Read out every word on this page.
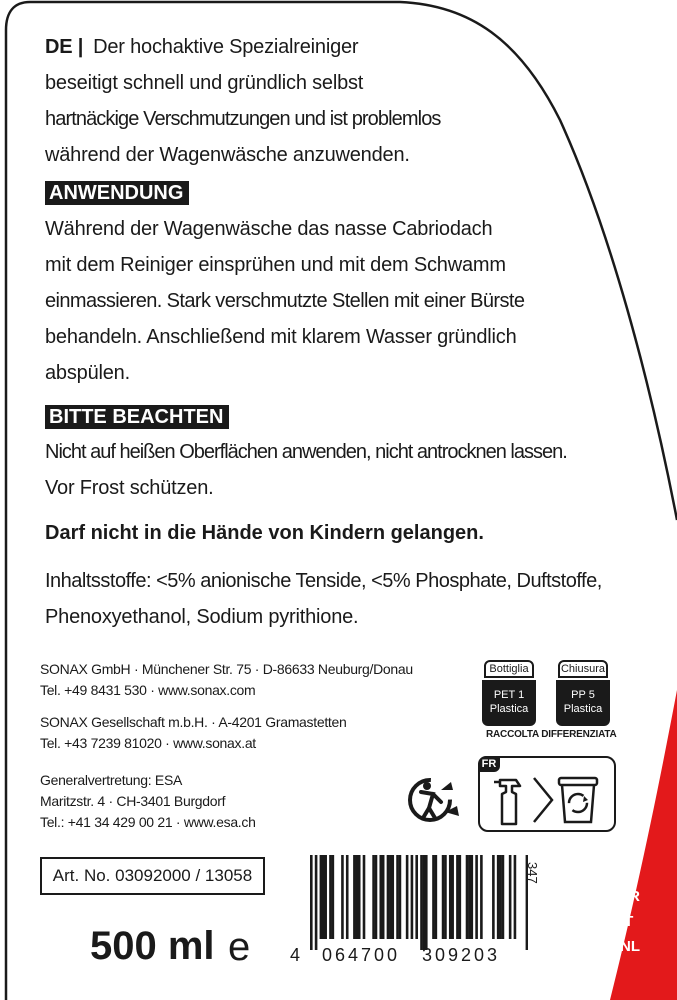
DE | Der hochaktive Spezialreiniger
beseitigt schnell und gründlich selbst
hartnäckige Verschmutzungen und ist problemlos
während der Wagenwäsche anzuwenden.
ANWENDUNG
Während der Wagenwäsche das nasse Cabriodach
mit dem Reiniger einsprühen und mit dem Schwamm
einmassieren. Stark verschmutzte Stellen mit einer Bürste
behandeln. Anschließend mit klarem Wasser gründlich
abspülen.
BITTE BEACHTEN
Nicht auf heißen Oberflächen anwenden, nicht antrocknen lassen.
Vor Frost schützen.
Darf nicht in die Hände von Kindern gelangen.
Inhaltsstoffe: <5% anionische Tenside, <5% Phosphate, Duftstoffe,
Phenoxyethanol, Sodium pyrithione.
SONAX GmbH · Münchener Str. 75 · D-86633 Neuburg/Donau
Tel. +49 8431 530 · www.sonax.com
SONAX Gesellschaft m.b.H. · A-4201 Gramastetten
Tel. +43 7239 81020 · www.sonax.at
Generalvertretung: ESA
Maritzstr. 4 · CH-3401 Burgdorf
Tel.: +41 34 429 00 21 · www.esa.ch
Bottiglia
PET 1
Plastica
Chiusura
PP 5
Plastica
RACCOLTA DIFFERENZIATA
FR
Art. No. 03092000 / 13058
500 ml e 4 064700 309203
347
FR
IT
NL
